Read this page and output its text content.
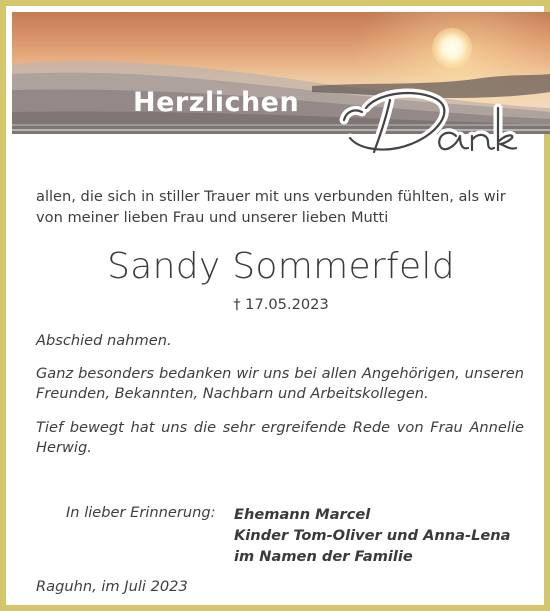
Herzlichen
Dank
allen, die sich in stiller Trauer mit uns verbunden fühlten, als wir
von meiner lieben Frau und unserer lieben Mutti
Sandy Sommerfeld
† 17.05.2023
Abschied nahmen.
Ganz besonders bedanken wir uns bei allen Angehörigen, unseren Freunden, Bekannten, Nachbarn und Arbeitskollegen.
Tief bewegt hat uns die sehr ergreifende Rede von Frau Annelie Herwig.
In lieber Erinnerung: Ehemann Marcel
Kinder Tom-Oliver und Anna-Lena
im Namen der Familie
Raguhn, im Juli 2023
